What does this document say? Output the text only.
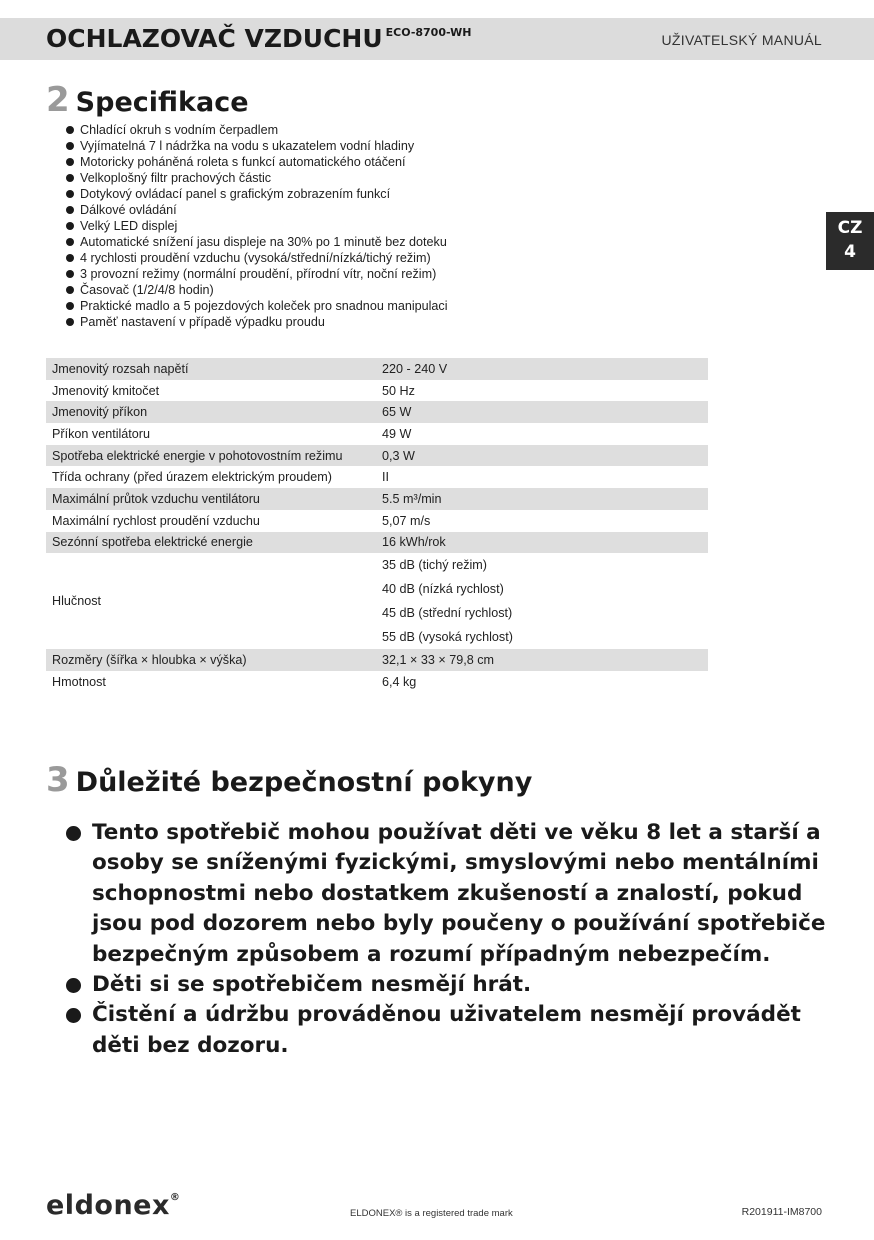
OCHLAZOVAČ VZDUCHU $^{ECO-8700-WH}$	UŽIVATELSKÝ MANUÁL
CZ
4
2 Specifikace
Chladící okruh s vodním čerpadlem
Vyjímatelná 7 l nádržka na vodu s ukazatelem vodní hladiny
Motoricky poháněná roleta s funkcí automatického otáčení
Velkoplošný filtr prachových částic
Dotykový ovládací panel s grafickým zobrazením funkcí
Dálkové ovládání
Velký LED displej
Automatické snížení jasu displeje na 30% po 1 minutě bez doteku
4 rychlosti proudění vzduchu (vysoká/střední/nízká/tichý režim)
3 provozní režimy (normální proudění, přírodní vítr, noční režim)
Časovač (1/2/4/8 hodin)
Praktické madlo a 5 pojezdových koleček pro snadnou manipulaci
Paměť nastavení v případě výpadku proudu
Jmenovitý rozsah napětí	220 - 240 V
Jmenovitý kmitočet	50 Hz
Jmenovitý příkon	65 W
Příkon ventilátoru	49 W
Spotřeba elektrické energie v pohotovostním režimu	0,3 W
Třída ochrany (před úrazem elektrickým proudem)	II
Maximální průtok vzduchu ventilátoru	5.5 m³/min
Maximální rychlost proudění vzduchu	5,07 m/s
Sezónní spotřeba elektrické energie	16 kWh/rok
Hlučnost	35 dB (tichý režim)
40 dB (nízká rychlost)
45 dB (střední rychlost)
55 dB (vysoká rychlost)

Rozměry (šířka × hloubka × výška)	32,1 × 33 × 79,8 cm
Hmotnost	6,4 kg
3 Důležité bezpečnostní pokyny
Tento spotřebič mohou používat děti ve věku 8 let a starší a osoby se sníženými fyzickými, smyslovými nebo mentálními schopnostmi nebo dostatkem zkušeností a znalostí, pokud jsou pod dozorem nebo byly poučeny o používání spotřebiče bezpečným způsobem a rozumí případným nebezpečím.
Děti si se spotřebičem nesmějí hrát.
Čistění a údržbu prováděnou uživatelem nesmějí provádět děti bez dozoru.
eldonex®
ELDONEX® is a registered trade mark	R201911-IM8700
